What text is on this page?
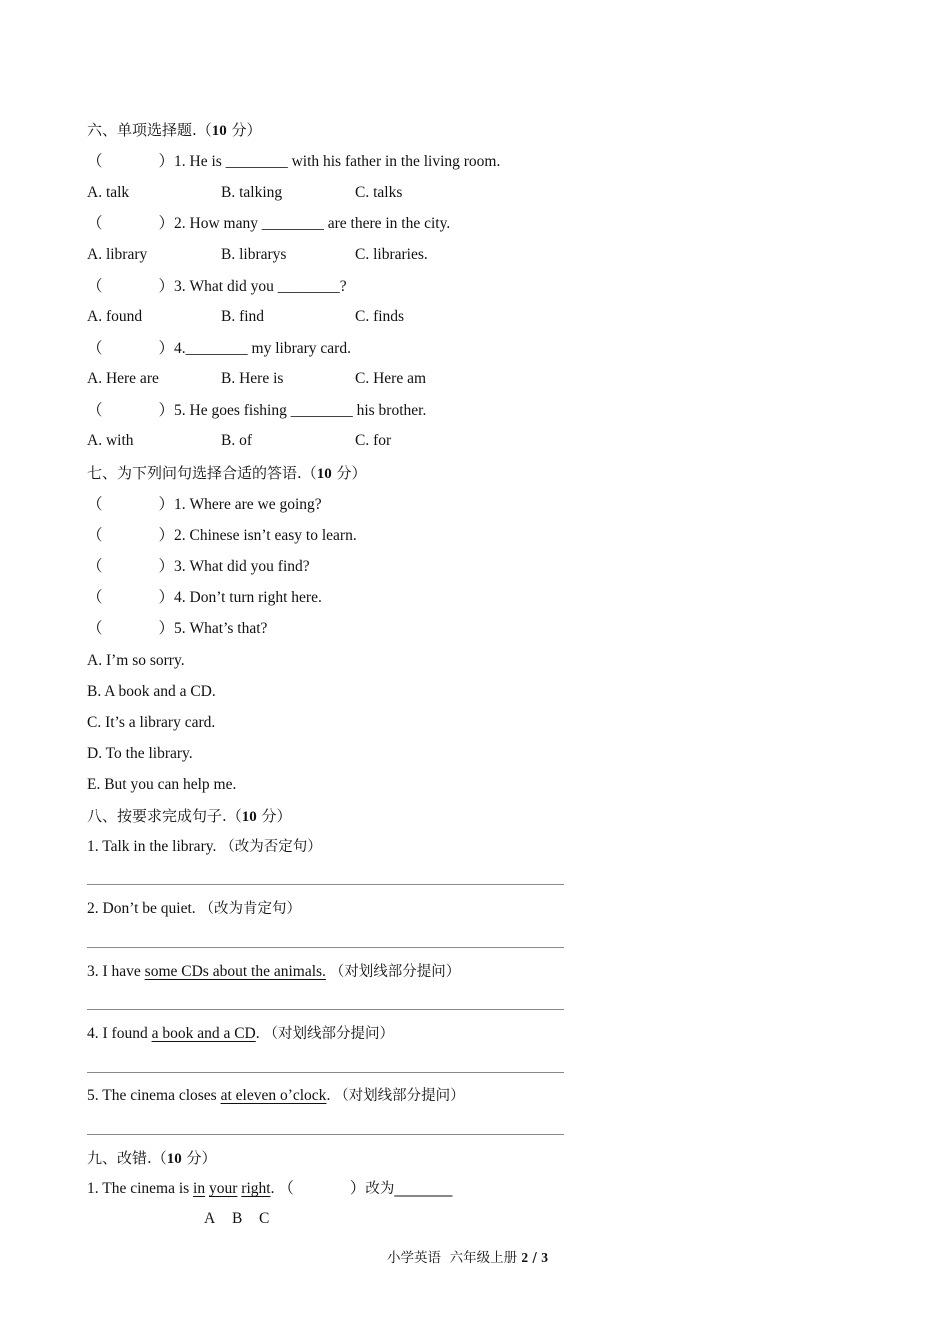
六、单项选择题.（10 分）
（	）1. He is ________ with his father in the living room.
A. talk	B. talking	C. talks
（	）2. How many ________ are there in the city.
A. library	B. librarys	C. libraries.
（	）3. What did you ________?
A. found	B. find	C. finds
（	）4.________ my library card.
A. Here are	B. Here is	C. Here am
（	）5. He goes fishing ________ his brother.
A. with	B. of	C. for
七、为下列问句选择合适的答语.（10 分）
（	）1. Where are we going?
（	）2. Chinese isn’t easy to learn.
（	）3. What did you find?
（	）4. Don’t turn right here.
（	）5. What’s that?
A. I’m so sorry.
B. A book and a CD.
C. It’s a library card.
D. To the library.
E. But you can help me.
八、按要求完成句子.（10 分）
1. Talk in the library. （改为否定句）
2. Don’t be quiet. （改为肯定句）
3. I have some CDs about the animals. （对划线部分提问）
4. I found a book and a CD. （对划线部分提问）
5. The cinema closes at eleven o’clock. （对划线部分提问）
九、改错.（10 分）
1. The cinema is in your right. （	）改为________
A B C
小学英语  六年级上册 2 / 3
